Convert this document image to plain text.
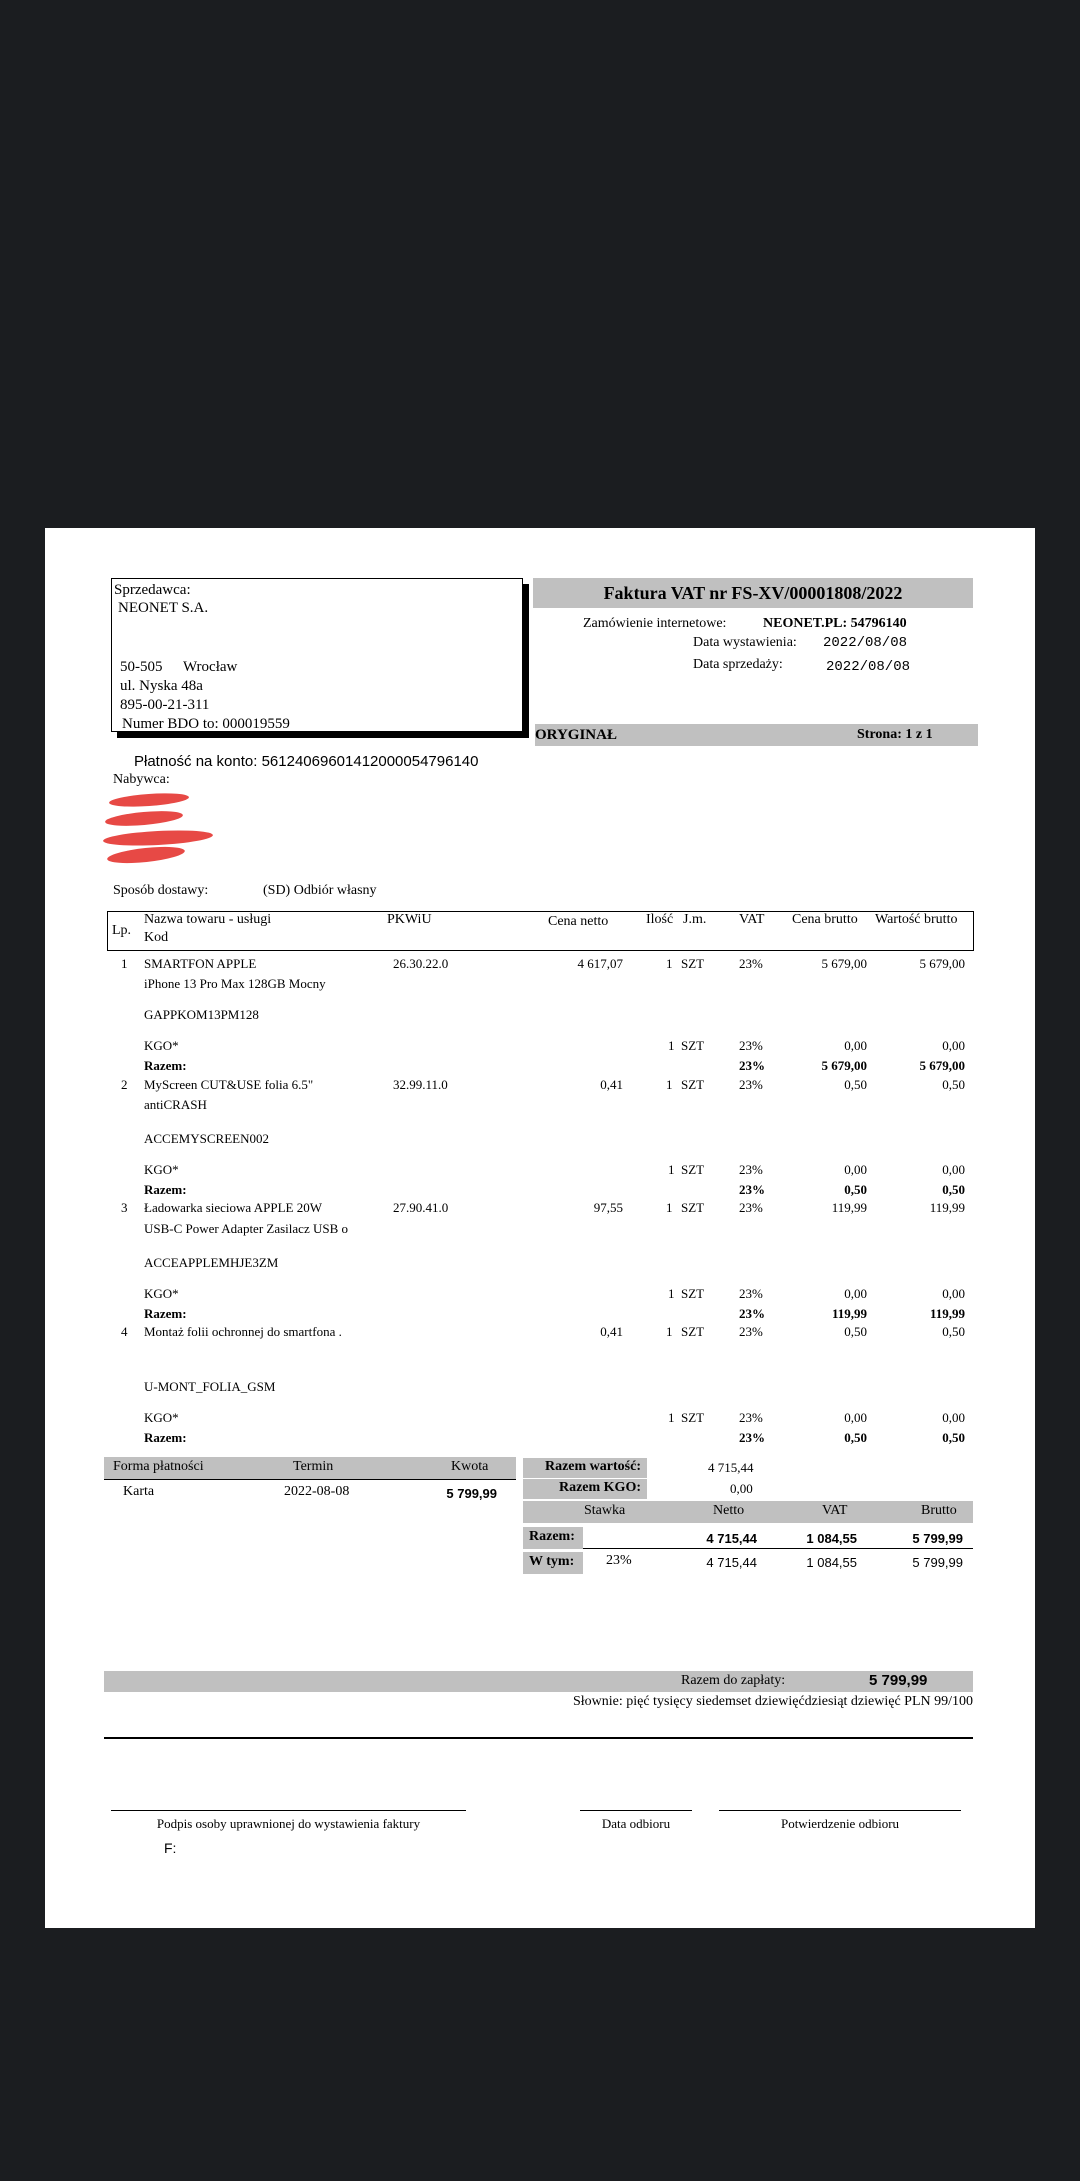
Sprzedawca:
NEONET S.A.
50-505 Wrocław
ul. Nyska 48a
895-00-21-311
Numer BDO to: 000019559
Faktura VAT nr FS-XV/00001808/2022
Zamówienie internetowe:	NEONET.PL: 54796140
Data wystawienia: 2022/08/08
Data sprzedaży:	2022/08/08
ORYGINAŁ	Strona: 1 z 1
Płatność na konto: 56124069601412000054796140
Nabywca:
Sposób dostawy:	(SD) Odbiór własny
Lp.
Nazwa towaru - usługi
Kod
PKWiU	Cena netto	Ilość J.m. VAT Cena brutto Wartość brutto
1 SMARTFON APPLE
iPhone 13 Pro Max 128GB Mocny
26.30.22.0	4 617,07	1 SZT	23%	5 679,00	5 679,00
GAPPKOM13PM128
KGO*	1 SZT	23%	0,00	0,00
Razem:	23%	5 679,00	5 679,00
2 MyScreen CUT&USE folia 6.5"
antiCRASH
32.99.11.0	0,41	1 SZT	23%	0,50	0,50
ACCEMYSCREEN002
KGO*	1 SZT	23%	0,00	0,00
Razem:	23%	0,50	0,50
3 Ładowarka sieciowa APPLE 20W
USB-C Power Adapter Zasilacz USB o
27.90.41.0	97,55	1 SZT	23%	119,99	119,99
ACCEAPPLEMHJE3ZM
KGO*	1 SZT	23%	0,00	0,00
Razem:	23%	119,99	119,99
4 Montaż folii ochronnej do smartfona .	0,41	1 SZT	23%	0,50	0,50
U-MONT_FOLIA_GSM
KGO*	1 SZT	23%	0,00	0,00
Razem:	23%	0,50	0,50
Forma płatności	Termin	Kwota
Karta	2022-08-08	5 799,99
Razem wartość:	4 715,44
Razem KGO:	0,00
Stawka	Netto	VAT	Brutto
Razem:	4 715,44	1 084,55	5 799,99
W tym: 23%	4 715,44	1 084,55	5 799,99
Razem do zapłaty:	5 799,99
Słownie: pięć tysięcy siedemset dziewięćdziesiąt dziewięć PLN 99/100
Podpis osoby uprawnionej do wystawienia faktury	Data odbioru	Potwierdzenie odbioru
F:
